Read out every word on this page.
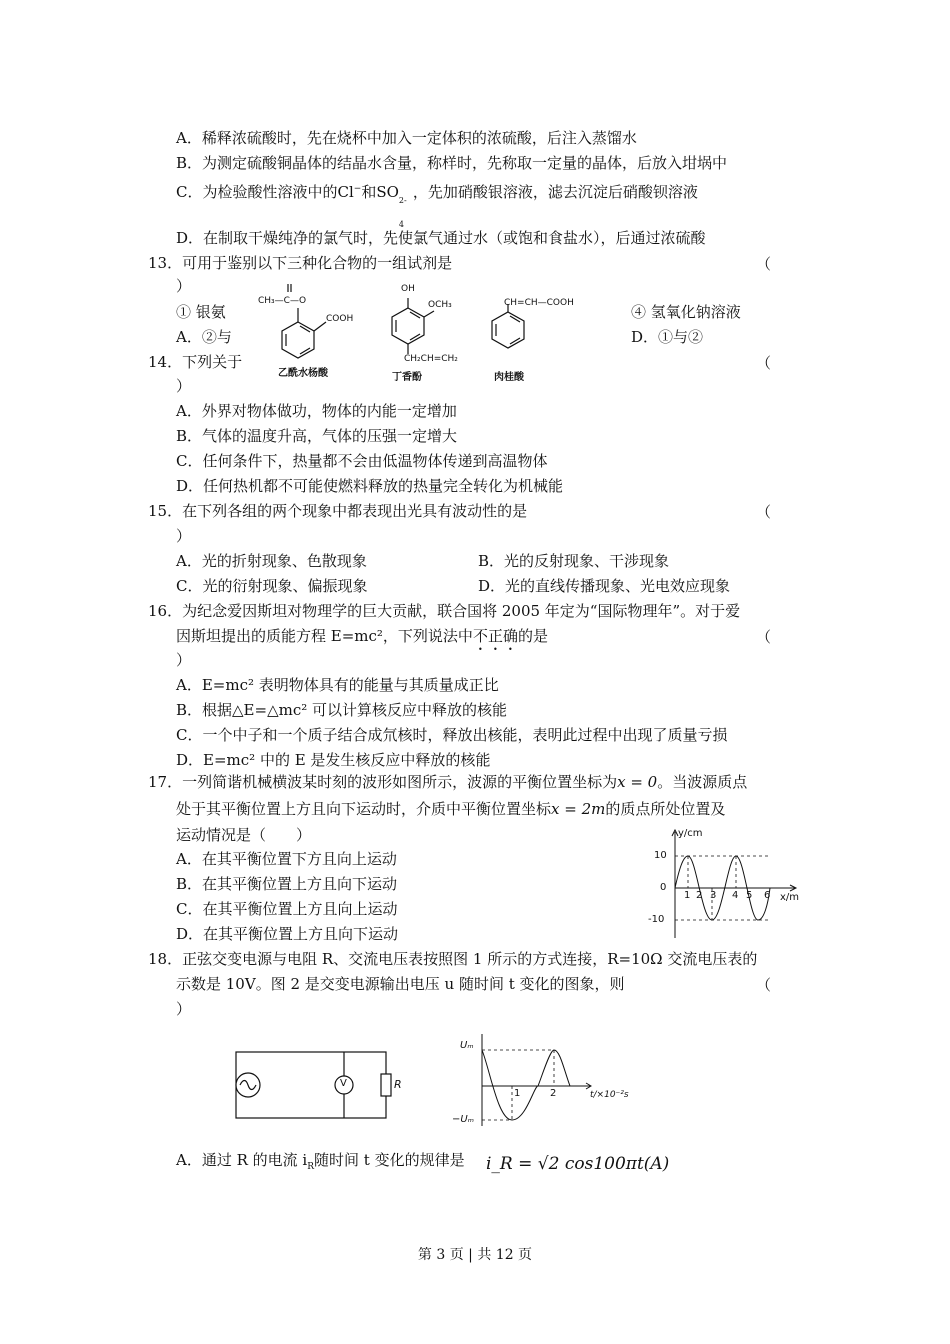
A．稀释浓硫酸时，先在烧杯中加入一定体积的浓硫酸，后注入蒸馏水
B．为测定硫酸铜晶体的结晶水含量，称样时，先称取一定量的晶体，后放入坩埚中
C．为检验酸性溶液中的Cl−和SO 2-
4
，先加硝酸银溶液，滤去沉淀后硝酸钡溶液
D．在制取干燥纯净的氯气时，先使氯气通过水（或饱和食盐水），后通过浓硫酸
13．可用于鉴别以下三种化合物的一组试剂是	（
）
① 银氨	④ 氢氧化钠溶液
A．②与	D．①与②
CH₃—C—O
COOH
OH
OCH₃
CH₂CH=CH₂
CH=CH—COOH
乙酰水杨酸	丁香酚	肉桂酸
14．下列关于	（
）
A．外界对物体做功，物体的内能一定增加
B．气体的温度升高，气体的压强一定增大
C．任何条件下，热量都不会由低温物体传递到高温物体
D．任何热机都不可能使燃料释放的热量完全转化为机械能
15．在下列各组的两个现象中都表现出光具有波动性的是	（
）
A．光的折射现象、色散现象	B．光的反射现象、干涉现象
C．光的衍射现象、偏振现象	D．光的直线传播现象、光电效应现象
16．为纪念爱因斯坦对物理学的巨大贡献，联合国将 2005 年定为“国际物理年”。对于爱
因斯坦提出的质能方程 E=mc²，下列说法中不正确的是	（
）
A．E=mc² 表明物体具有的能量与其质量成正比
B．根据△E=△mc² 可以计算核反应中释放的核能
C．一个中子和一个质子结合成氘核时，释放出核能，表明此过程中出现了质量亏损
D．E=mc² 中的 E 是发生核反应中释放的核能
17．一列简谐机械横波某时刻的波形如图所示，波源的平衡位置坐标为x = 0。当波源质点
处于其平衡位置上方且向下运动时，介质中平衡位置坐标x = 2m的质点所处位置及
运动情况是（　　）
A．在其平衡位置下方且向上运动
B．在其平衡位置上方且向下运动
C．在其平衡位置上方且向上运动
D．在其平衡位置上方且向下运动
y/cm
x/m
10
0
-10
1 2 3 4 5 6
18．正弦交变电源与电阻 R、交流电压表按照图 1 所示的方式连接，R=10Ω 交流电压表的
示数是 10V。图 2 是交变电源输出电压 u 随时间 t 变化的图象，则	（
）
V	R
Uₘ
−Uₘ
1	2	t/×10⁻²s
A．通过 R 的电流 $i_R$随时间 t 变化的规律是 i_R = √2 cos100πt(A)
第 3 页 | 共 12 页
